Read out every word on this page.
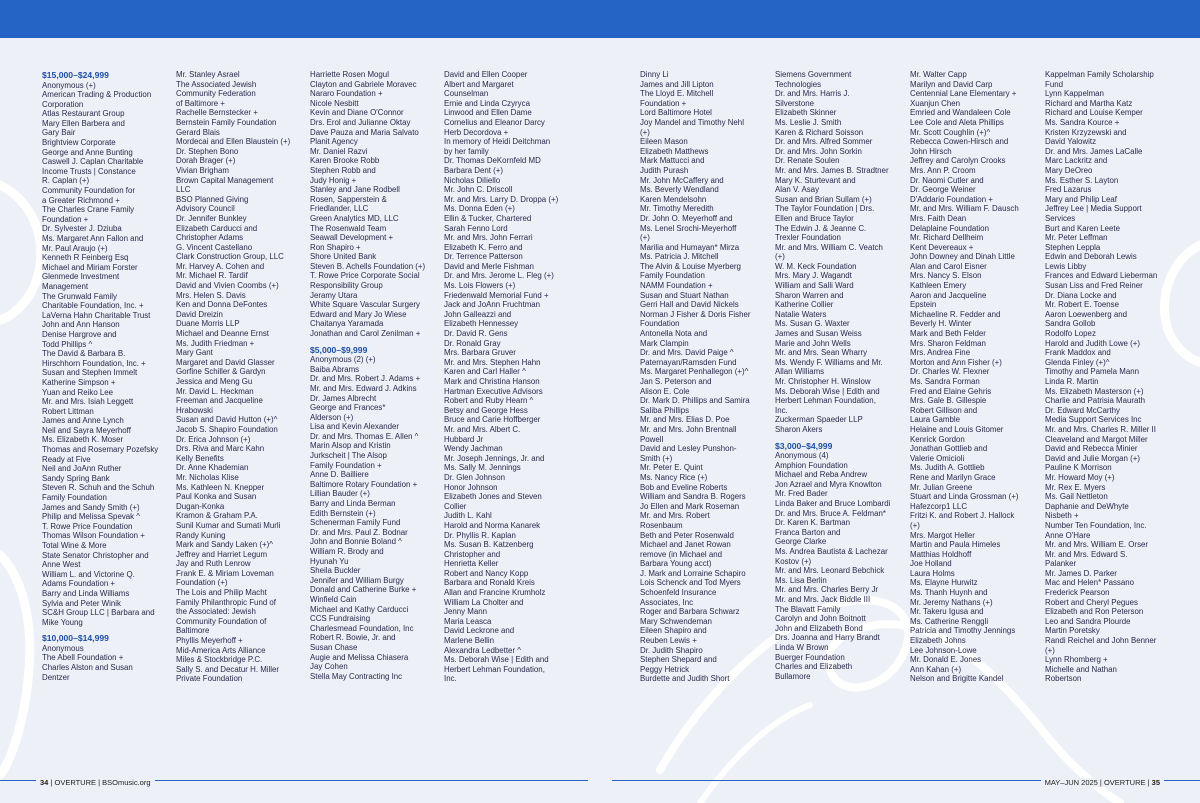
$15,000–$24,999
Anonymous (+)
American Trading & Production
Corporation
Atlas Restaurant Group
Mary Ellen Barbera and
Gary Bair
Brightview Corporate
George and Anne Bunting
Caswell J. Caplan Charitable
Income Trusts | Constance
R. Caplan (+)
Community Foundation for
a Greater Richmond +
The Charles Crane Family
Foundation +
Dr. Sylvester J. Dziuba
Ms. Margaret Ann Fallon and
Mr. Paul Araujo (+)
Kenneth R Feinberg Esq
Michael and Miriam Forster
Glenmede Investment
Management
The Grunwald Family
Charitable Foundation, Inc. +
LaVerna Hahn Charitable Trust
John and Ann Hanson
Denise Hargrove and
Todd Phillips ^
The David & Barbara B.
Hirschhorn Foundation, Inc. +
Susan and Stephen Immelt
Katherine Simpson +
Yuan and Reiko Lee
Mr. and Mrs. Isiah Leggett
Robert Littman
James and Anne Lynch
Neil and Sayra Meyerhoff
Ms. Elizabeth K. Moser
Thomas and Rosemary Pozefsky
Ready at Five
Neil and JoAnn Ruther
Sandy Spring Bank
Steven R. Schuh and the Schuh
Family Foundation
James and Sandy Smith (+)
Philip and Melissa Spevak ^
T. Rowe Price Foundation
Thomas Wilson Foundation +
Total Wine & More
State Senator Christopher and
Anne West
William L. and Victorine Q.
Adams Foundation +
Barry and Linda Williams
Sylvia and Peter Winik
SC&H Group LLC | Barbara and
Mike Young
$10,000–$14,999
Anonymous
The Abell Foundation +
Charles Alston and Susan
Dentzer
Mr. Stanley Asrael
The Associated Jewish
Community Federation
of Baltimore +
Rachelle Bernstecker +
Bernstein Family Foundation
Gerard Blais
Mordecai and Ellen Blaustein (+)
Dr. Stephen Bono
Dorah Brager (+)
Vivian Brigham
Brown Capital Management
LLC
BSO Planned Giving
Advisory Council
Dr. Jennifer Bunkley
Elizabeth Carducci and
Christopher Adams
G. Vincent Castellano
Clark Construction Group, LLC
Mr. Harvey A. Cohen and
Mr. Michael R. Tardif
David and Vivien Coombs (+)
Mrs. Helen S. Davis
Ken and Donna DeFontes
David Dreizin
Duane Morris LLP
Michael and Deanne Ernst
Ms. Judith Friedman +
Mary Gant
Margaret and David Glasser
Gorfine Schiller & Gardyn
Jessica and Meng Gu
Mr. David L. Heckman
Freeman and Jacqueline
Hrabowski
Susan and David Hutton (+)^
Jacob S. Shapiro Foundation
Dr. Erica Johnson (+)
Drs. Riva and Marc Kahn
Kelly Benefits
Dr. Anne Khademian
Mr. Nicholas Klise
Ms. Kathleen N. Knepper
Paul Konka and Susan
Dugan-Konka
Kramon & Graham P.A.
Sunil Kumar and Sumati Murli
Randy Kuning
Mark and Sandy Laken (+)^
Jeffrey and Harriet Legum
Jay and Ruth Lenrow
Frank E. & Miriam Loveman
Foundation (+)
The Lois and Philip Macht
Family Philanthropic Fund of
the Associated: Jewish
Community Foundation of
Baltimore
Phyllis Meyerhoff +
Mid-America Arts Alliance
Miles & Stockbridge P.C.
Sally S. and Decatur H. Miller
Private Foundation
Harriette Rosen Mogul
Clayton and Gabriele Moravec
Nararo Foundation +
Nicole Nesbitt
Kevin and Diane O'Connor
Drs. Erol and Julianne Oktay
Dave Pauza and Maria Salvato
Planit Agency
Mr. Daniel Razvi
Karen Brooke Robb
Stephen Robb and
Judy Honig +
Stanley and Jane Rodbell
Rosen, Sapperstein &
Friedlander, LLC
Green Analytics MD, LLC
The Rosenwald Team
Seawall Development +
Ron Shapiro +
Shore United Bank
Steven B. Achells Foundation (+)
T. Rowe Price Corporate Social
Responsibility Group
Jeramy Utara
White Square Vascular Surgery
Edward and Mary Jo Wiese
Chaitanya Yaramada
Jonathan and Carol Zenilman +
$5,000–$9,999
Anonymous (2) (+)
Baiba Abrams
Dr. and Mrs. Robert J. Adams +
Mr. and Mrs. Edward J. Adkins
Dr. James Albrecht
George and Frances*
Alderson (+)
Lisa and Kevin Alexander
Dr. and Mrs. Thomas E. Allen ^
Marin Alsop and Kristin
Jurkscheit | The Alsop
Family Foundation +
Anne D. Bailliere
Baltimore Rotary Foundation +
Lillian Bauder (+)
Barry and Linda Berman
Edith Bernstein (+)
Schenerman Family Fund
Dr. and Mrs. Paul Z. Bodnar
John and Bonnie Boland ^
William R. Brody and
Hyunah Yu
Sheila Buckler
Jennifer and William Burgy
Donald and Catherine Burke +
Winfield Cain
Michael and Kathy Carducci
CCS Fundraising
Charlesmead Foundation, Inc
Robert R. Bowie, Jr. and
Susan Chase
Augie and Melissa Chiasera
Jay Cohen
Stella May Contracting Inc
David and Ellen Cooper
Albert and Margaret
Counselman
Ernie and Linda Czyryca
Linwood and Ellen Dame
Cornelius and Eleanor Darcy
Herb Decordova +
In memory of Heidi Deitchman
by her family
Dr. Thomas DeKornfeld MD
Barbara Dent (+)
Nicholas DiIiello
Mr. John C. Driscoll
Mr. and Mrs. Larry D. Droppa (+)
Ms. Donna Eden (+)
Ellin & Tucker, Chartered
Sarah Fenno Lord
Mr. and Mrs. John Ferrari
Elizabeth K. Ferro and
Dr. Terrence Patterson
David and Merle Fishman
Dr. and Mrs. Jerome L. Fleg (+)
Ms. Lois Flowers (+)
Friedenwald Memorial Fund +
Jack and JoAnn Fruchtman
John Galleazzi and
Elizabeth Hennessey
Dr. David R. Gens
Dr. Ronald Gray
Mrs. Barbara Gruver
Mr. and Mrs. Stephen Hahn
Karen and Carl Haller ^
Mark and Christina Hanson
Hartman Executive Advisors
Robert and Ruby Hearn ^
Betsy and George Hess
Bruce and Carie Hoffberger
Mr. and Mrs. Albert C.
Hubbard Jr
Wendy Jachman
Mr. Joseph Jennings, Jr. and
Ms. Sally M. Jennings
Dr. Glen Johnson
Honor Johnson
Elizabeth Jones and Steven
Collier
Judith L. Kahl
Harold and Norma Kanarek
Dr. Phyllis R. Kaplan
Ms. Susan B. Katzenberg
Christopher and
Henrietta Keller
Robert and Nancy Kopp
Barbara and Ronald Kreis
Allan and Francine Krumholz
William La Cholter and
Jenny Mann
Maria Leasca
David Leckrone and
Marlene Bellin
Alexandra Ledbetter ^
Ms. Deborah Wise | Edith and
Herbert Lehman Foundation,
Inc.
Dinny Li
James and Jill Lipton
The Lloyd E. Mitchell
Foundation +
Lord Baltimore Hotel
Joy Mandel and Timothy Nehl
(+)
Eileen Mason
Elizabeth Matthews
Mark Mattucci and
Judith Purash
Mr. John McCaffery and
Ms. Beverly Wendland
Karen Mendelsohn
Mr. Timothy Meredith
Dr. John O. Meyerhoff and
Ms. Lenel Srochi-Meyerhoff
(+)
Marilia and Humayan* Mirza
Ms. Patricia J. Mitchell
The Alvin & Louise Myerberg
Family Foundation
NAMM Foundation +
Susan and Stuart Nathan
Gerri Hall and David Nickels
Norman J Fisher & Doris Fisher
Foundation
Antonella Nota and
Mark Clampin
Dr. and Mrs. David Paige ^
Paternayan/Ramsden Fund
Ms. Margaret Penhallegon (+)^
Jan S. Peterson and
Alison E. Cole
Dr. Mark D. Phillips and Samira
Saliba Phillips
Mr. and Mrs. Elias D. Poe
Mr. and Mrs. John Brentnall
Powell
David and Lesley Punshon-
Smith (+)
Mr. Peter E. Quint
Ms. Nancy Rice (+)
Bob and Eveline Roberts
William and Sandra B. Rogers
Jo Ellen and Mark Roseman
Mr. and Mrs. Robert
Rosenbaum
Beth and Peter Rosenwald
Michael and Janet Rowan
remove (in Michael and
Barbara Young acct)
J. Mark and Lorraine Schapiro
Lois Schenck and Tod Myers
Schoenfeld Insurance
Associates, Inc
Roger and Barbara Schwarz
Mary Schwendeman
Eileen Shapiro and
Reuben Lewis +
Dr. Judith Shapiro
Stephen Shepard and
Peggy Hetrick
Burdette and Judith Short
Siemens Government
Technologies
Dr. and Mrs. Harris J.
Silverstone
Elizabeth Skinner
Ms. Leslie J. Smith
Karen & Richard Soisson
Dr. and Mrs. Alfred Sommer
Dr. and Mrs. John Sorkin
Dr. Renate Soulen
Mr. and Mrs. James B. Stradtner
Mary K. Sturtevant and
Alan V. Asay
Susan and Brian Sullam (+)
The Taylor Foundation | Drs.
Ellen and Bruce Taylor
The Edwin J. & Jeanne C.
Trexler Foundation
Mr. and Mrs. William C. Veatch
(+)
W. M. Keck Foundation
Mrs. Mary J. Wagandt
William and Salli Ward
Sharon Warren and
Katherine Collier
Natalie Waters
Ms. Susan G. Waxter
James and Susan Weiss
Marie and John Wells
Mr. and Mrs. Sean Wharry
Ms. Wendy F. Williams and Mr.
Allan Williams
Mr. Christopher H. Winslow
Ms. Deborah Wise | Edith and
Herbert Lehman Foundation,
Inc.
Zuckerman Spaeder LLP
Sharon Akers
$3,000–$4,999
Anonymous (4)
Amphion Foundation
Michael and Reba Andrew
Jon Azrael and Myra Knowlton
Mr. Fred Bader
Linda Baker and Bruce Lombardi
Dr. and Mrs. Bruce A. Feldman*
Dr. Karen K. Bartman
Franca Barton and
George Clarke
Ms. Andrea Bautista & Lachezar
Kostov (+)
Mr. and Mrs. Leonard Bebchick
Ms. Lisa Berlin
Mr. and Mrs. Charles Berry Jr
Mr. and Mrs. Jack Biddle III
The Blavatt Family
Carolyn and John Boitnott
John and Elizabeth Bond
Drs. Joanna and Harry Brandt
Linda W Brown
Buerger Foundation
Charles and Elizabeth
Bullamore
Mr. Walter Capp
Marilyn and David Carp
Centennial Lane Elementary +
Xuanjun Chen
Emried and Wandaleen Cole
Lee Cole and Aleta Phillips
Mr. Scott Coughlin (+)^
Rebecca Cowen-Hirsch and
John Hirsch
Jeffrey and Carolyn Crooks
Mrs. Ann P. Croom
Dr. Naomi Cutler and
Dr. George Weiner
D'Addario Foundation +
Mr. and Mrs. William F. Dausch
Mrs. Faith Dean
Delaplaine Foundation
Mr. Richard Dellheim
Kent Devereaux +
John Downey and Dinah Little
Alan and Carol Eisner
Mrs. Nancy S. Elson
Kathleen Emery
Aaron and Jacqueline
Epstein
Michaeline R. Fedder and
Beverly H. Winter
Mark and Beth Felder
Mrs. Sharon Feldman
Mrs. Andrea Fine
Morton and Ann Fisher (+)
Dr. Charles W. Flexner
Ms. Sandra Forman
Fred and Elaine Gehris
Mrs. Gale B. Gillespie
Robert Gillison and
Laura Gamble
Helaine and Louis Gitomer
Kenrick Gordon
Jonathan Gottlieb and
Valerie Omicioli
Ms. Judith A. Gottlieb
Rene and Marilyn Grace
Mr. Julian Greene
Stuart and Linda Grossman (+)
Hafezcorp1 LLC
Fritzi K. and Robert J. Hallock
(+)
Mrs. Margot Heller
Martin and Paula Himeles
Matthias Holdhoff
Joe Holland
Laura Holms
Ms. Elayne Hurwitz
Ms. Thanh Huynh and
Mr. Jeremy Nathans (+)
Mr. Takeru Igusa and
Ms. Catherine Renggli
Patricia and Timothy Jennings
Elizabeth Johns
Lee Johnson-Lowe
Mr. Donald E. Jones
Ann Kahan (+)
Nelson and Brigitte Kandel
Kappelman Family Scholarship
Fund
Lynn Kappelman
Richard and Martha Katz
Richard and Louise Kemper
Ms. Sandra Kource +
Kristen Krzyzewski and
David Yalowitz
Dr. and Mrs. James LaCalle
Marc Lackritz and
Mary DeOreo
Ms. Esther S. Layton
Fred Lazarus
Mary and Philip Leaf
Jeffrey Lee | Media Support
Services
Burt and Karen Leete
Mr. Peter Leffman
Stephen Leppla
Edwin and Deborah Lewis
Lewis Libby
Frances and Edward Lieberman
Susan Liss and Fred Reiner
Dr. Diana Locke and
Mr. Robert E. Toense
Aaron Loewenberg and
Sandra Gollob
Rodolfo Lopez
Harold and Judith Lowe (+)
Frank Maddox and
Glenda Finley (+)^
Timothy and Pamela Mann
Linda R. Martin
Ms. Elizabeth Masterson (+)
Charlie and Patrisia Maurath
Dr. Edward McCarthy
Media Support Services Inc
Mr. and Mrs. Charles R. Miller II
Cleaveland and Margot Miller
David and Rebecca Minier
David and Julie Morgan (+)
Pauline K Morrison
Mr. Howard Moy (+)
Mr. Rex E. Myers
Ms. Gail Nettleton
Daphanie and DeWhyte
Nisbeth +
Number Ten Foundation, Inc.
Anne O'Hare
Mr. and Mrs. William E. Orser
Mr. and Mrs. Edward S.
Palanker
Mr. James D. Parker
Mac and Helen* Passano
Frederick Pearson
Robert and Cheryl Pegues
Elizabeth and Ron Peterson
Leo and Sandra Plourde
Martin Poretsky
Randi Reichel and John Benner
(+)
Lynn Rhomberg +
Michelle and Nathan
Robertson
34 | OVERTURE | BSOmusic.org	MAY–JUN 2025 | OVERTURE | 35
